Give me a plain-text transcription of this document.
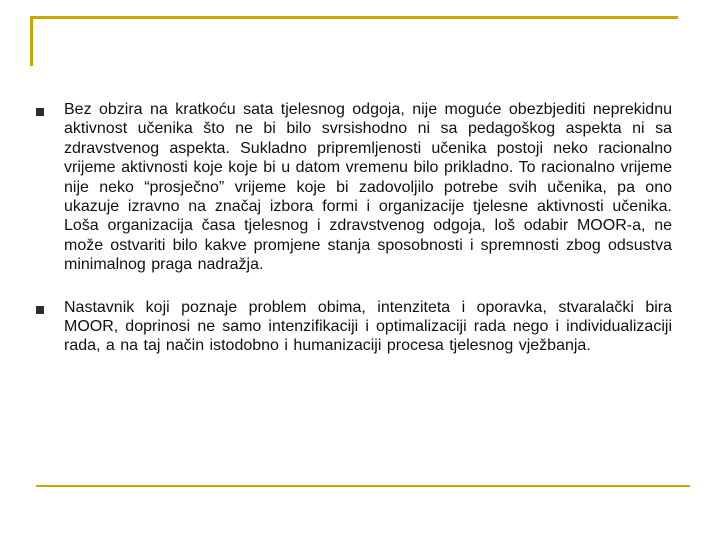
Bez obzira na kratkoću sata tjelesnog odgoja, nije moguće obezbjediti neprekidnu aktivnost učenika što ne bi bilo svrsishodno ni sa pedagoškog aspekta ni sa zdravstvenog aspekta. Sukladno pripremljenosti učenika postoji neko racionalno vrijeme aktivnosti koje koje bi u datom vremenu bilo prikladno. To racionalno vrijeme nije neko “prosječno” vrijeme koje bi zadovoljilo potrebe svih učenika, pa ono ukazuje izravno na značaj izbora formi i organizacije tjelesne aktivnosti učenika. Loša organizacija časa tjelesnog i zdravstvenog odgoja, loš odabir MOOR-a, ne može ostvariti bilo kakve promjene stanja sposobnosti i spremnosti zbog odsustva minimalnog praga nadražja.
Nastavnik koji poznaje problem obima, intenziteta i oporavka, stvaralački bira MOOR, doprinosi ne samo intenzifikaciji i optimalizaciji rada nego i individualizaciji rada, a na taj način istodobno i humanizaciji procesa tjelesnog vježbanja.
